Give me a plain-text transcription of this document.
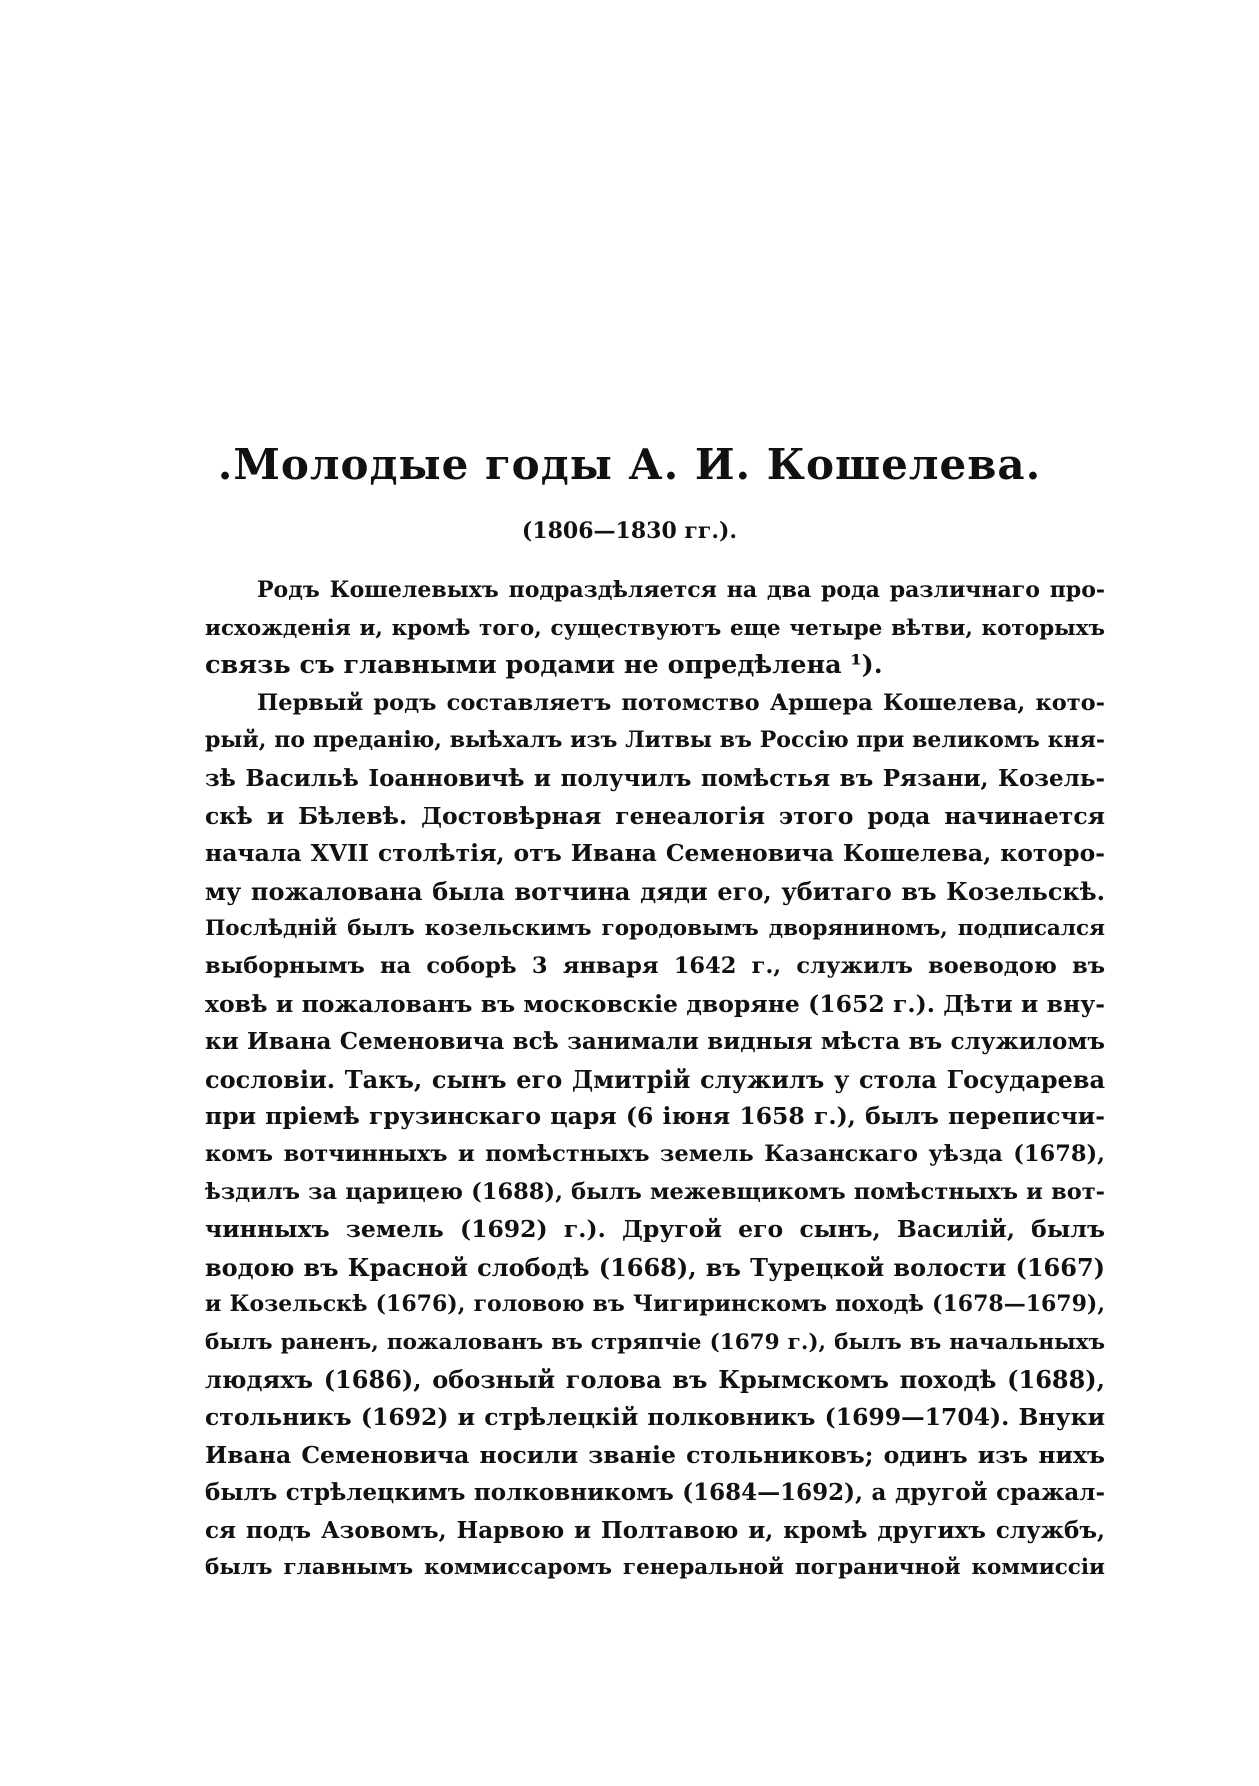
.Молодые годы А. И. Кошелева.
(1806—1830 гг.).
Родъ Кошелевыхъ подраздѣляется на два рода различнаго про-
исхожденія и, кромѣ того, существуютъ еще четыре вѣтви, которыхъ
связь съ главными родами не опредѣлена ¹).
Первый родъ составляетъ потомство Аршера Кошелева, кото-
рый, по преданію, выѣхалъ изъ Литвы въ Россію при великомъ кня-
зѣ Васильѣ Іоанновичѣ и получилъ помѣстья въ Рязани, Козель-
скѣ и Бѣлевѣ. Достовѣрная генеалогія этого рода начинается
начала XVII столѣтія, отъ Ивана Семеновича Кошелева, которо-
му пожалована была вотчина дяди его, убитаго въ Козельскѣ.
Послѣдній былъ козельскимъ городовымъ дворяниномъ, подписался
выборнымъ на соборѣ 3 января 1642 г., служилъ воеводою въ
ховѣ и пожалованъ въ московскіе дворяне (1652 г.). Дѣти и вну-
ки Ивана Семеновича всѣ занимали видныя мѣста въ служиломъ
сословіи. Такъ, сынъ его Дмитрій служилъ у стола Государева
при пріемѣ грузинскаго царя (6 іюня 1658 г.), былъ переписчи-
комъ вотчинныхъ и помѣстныхъ земель Казанскаго уѣзда (1678),
ѣздилъ за царицею (1688), былъ межевщикомъ помѣстныхъ и вот-
чинныхъ земель (1692) г.). Другой его сынъ, Василій, былъ
водою въ Красной слободѣ (1668), въ Турецкой волости (1667)
и Козельскѣ (1676), головою въ Чигиринскомъ походѣ (1678—1679),
былъ раненъ, пожалованъ въ стряпчіе (1679 г.), былъ въ начальныхъ
людяхъ (1686), обозный голова въ Крымскомъ походѣ (1688),
стольникъ (1692) и стрѣлецкій полковникъ (1699—1704). Внуки
Ивана Семеновича носили званіе стольниковъ; одинъ изъ нихъ
былъ стрѣлецкимъ полковникомъ (1684—1692), а другой сражал-
ся подъ Азовомъ, Нарвою и Полтавою и, кромѣ другихъ службъ,
былъ главнымъ коммиссаромъ генеральной пограничной коммиссіи
